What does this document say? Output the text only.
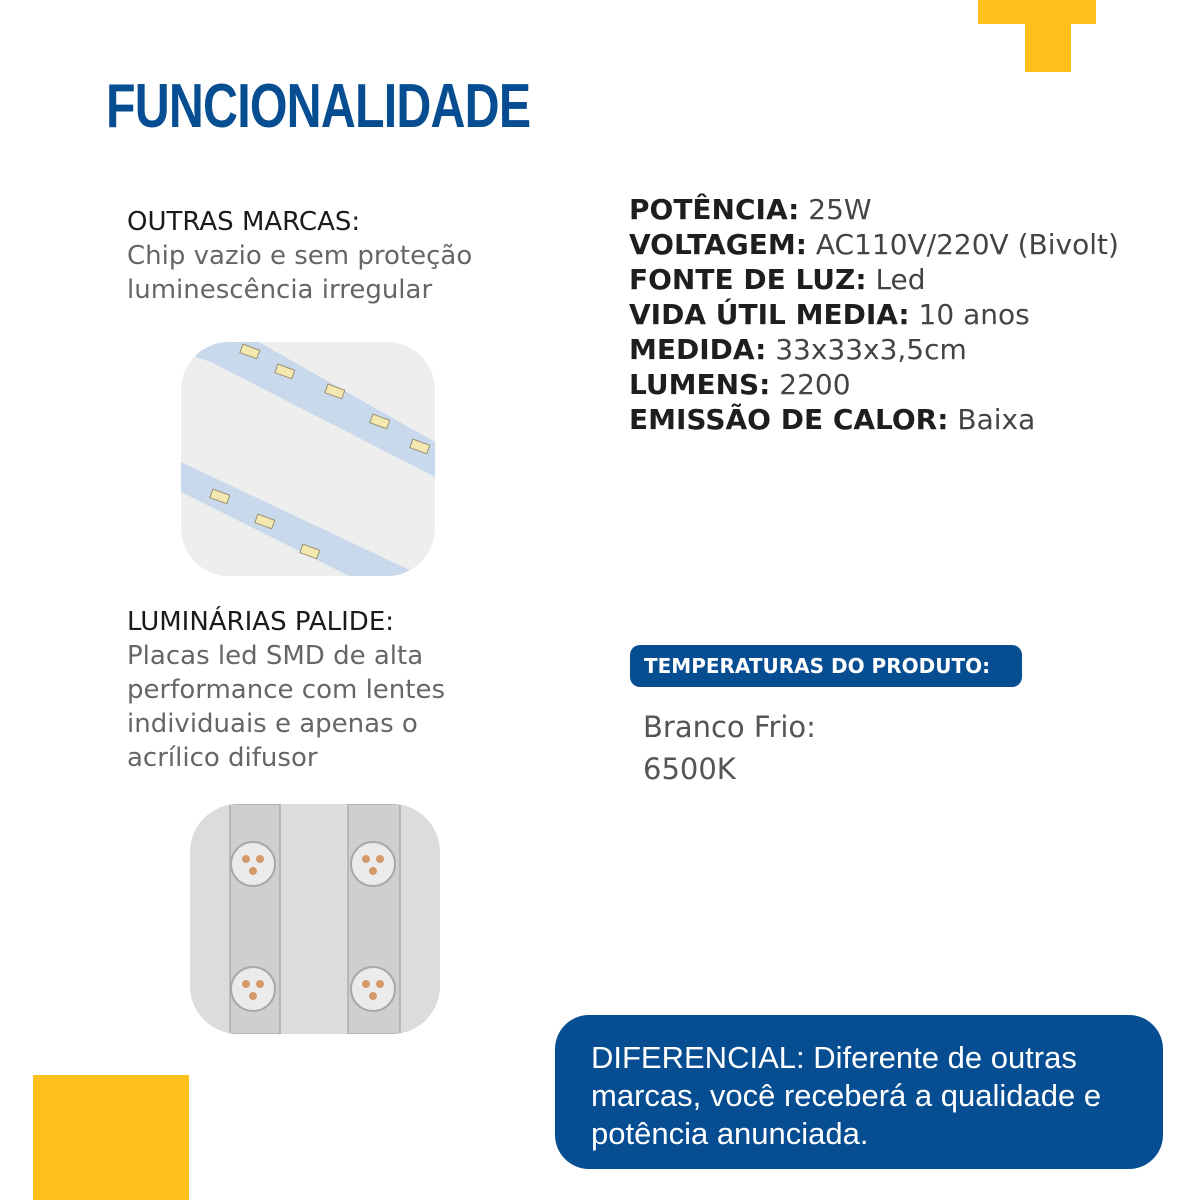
FUNCIONALIDADE
OUTRAS MARCAS:
Chip vazio e sem proteção
luminescência irregular
LUMINÁRIAS PALIDE:
Placas led SMD de alta
performance com lentes
individuais e apenas o
acrílico difusor
POTÊNCIA: 25W
VOLTAGEM: AC110V/220V (Bivolt)
FONTE DE LUZ: Led
VIDA ÚTIL MEDIA: 10 anos
MEDIDA: 33x33x3,5cm
LUMENS: 2200
EMISSÃO DE CALOR: Baixa
TEMPERATURAS DO PRODUTO:
Branco Frio:
6500K
DIFERENCIAL: Diferente de outras
marcas, você receberá a qualidade e
potência anunciada.
